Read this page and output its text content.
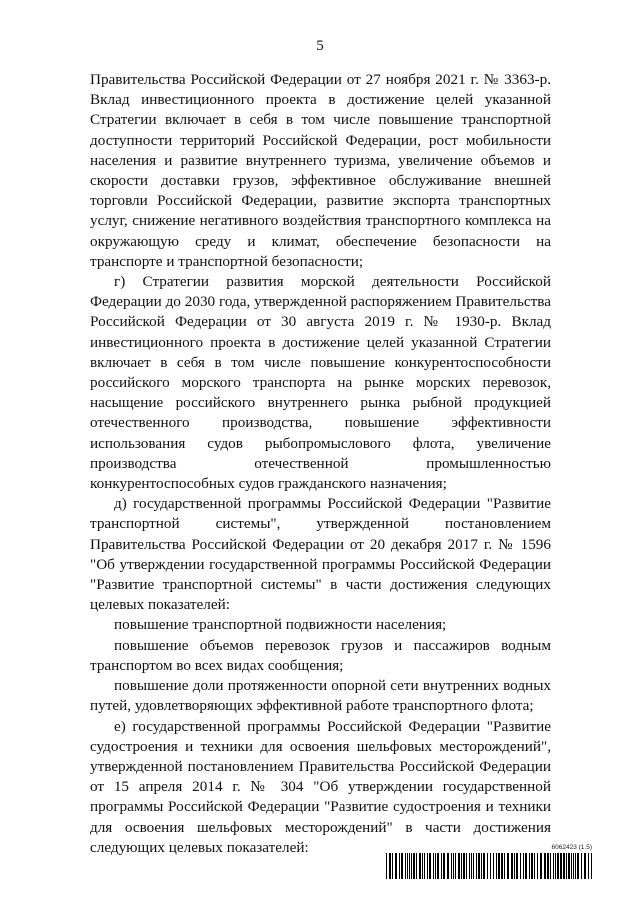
5

Правительства Российской Федерации от 27 ноября 2021 г. № 3363-р. Вклад инвестиционного проекта в достижение целей указанной Стратегии включает в себя в том числе повышение транспортной доступности территорий Российской Федерации, рост мобильности населения и развитие внутреннего туризма, увеличение объемов и скорости доставки грузов, эффективное обслуживание внешней торговли Российской Федерации, развитие экспорта транспортных услуг, снижение негативного воздействия транспортного комплекса на окружающую среду и климат, обеспечение безопасности на транспорте и транспортной безопасности;

г) Стратегии развития морской деятельности Российской Федерации до 2030 года, утвержденной распоряжением Правительства Российской Федерации от 30 августа 2019 г. № 1930-р. Вклад инвестиционного проекта в достижение целей указанной Стратегии включает в себя в том числе повышение конкурентоспособности российского морского транспорта на рынке морских перевозок, насыщение российского внутреннего рынка рыбной продукцией отечественного производства, повышение эффективности использования судов рыбопромыслового флота, увеличение производства отечественной промышленностью конкурентоспособных судов гражданского назначения;

д) государственной программы Российской Федерации "Развитие транспортной системы", утвержденной постановлением Правительства Российской Федерации от 20 декабря 2017 г. № 1596 "Об утверждении государственной программы Российской Федерации "Развитие транспортной системы" в части достижения следующих целевых показателей:

повышение транспортной подвижности населения;

повышение объемов перевозок грузов и пассажиров водным транспортом во всех видах сообщения;

повышение доли протяженности опорной сети внутренних водных путей, удовлетворяющих эффективной работе транспортного флота;

е) государственной программы Российской Федерации "Развитие судостроения и техники для освоения шельфовых месторождений", утвержденной постановлением Правительства Российской Федерации от 15 апреля 2014 г. № 304 "Об утверждении государственной программы Российской Федерации "Развитие судостроения и техники для освоения шельфовых месторождений" в части достижения следующих целевых показателей:	6062423 (1.5)
